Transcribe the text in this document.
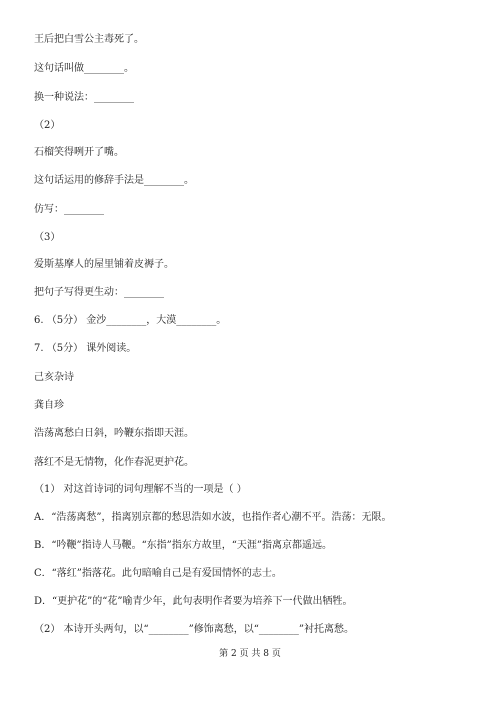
王后把白雪公主毒死了。
这句话叫做________。
换一种说法：________
（2）
石榴笑得咧开了嘴。
这句话运用的修辞手法是________。
仿写：________
（3）
爱斯基摩人的屋里铺着皮褥子。
把句子写得更生动：________
6. （5分） 金沙________，大漠________。
7. （5分） 课外阅读。
己亥杂诗
龚自珍
浩荡离愁白日斜，吟鞭东指即天涯。
落红不是无情物，化作春泥更护花。
（1） 对这首诗词的词句理解不当的一项是（ ）
A．“浩荡离愁”，指离别京都的愁思浩如水波，也指作者心潮不平。浩荡：无限。
B．“吟鞭”指诗人马鞭。“东指”指东方故里，“天涯”指离京都遥远。
C．“落红”指落花。此句暗喻自己是有爱国情怀的志士。
D．“更护花”的“花”喻青少年，此句表明作者要为培养下一代做出牺牲。
（2） 本诗开头两句，以“________”修饰离愁，以“________”衬托离愁。
第 2 页 共 8 页
